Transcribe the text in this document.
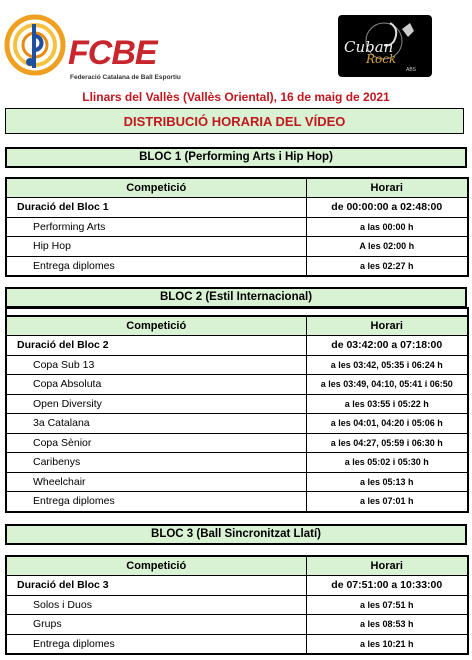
FCBE
Federació Catalana de Ball Esportiu
Cuban
Rock
ABS
Llinars del Vallès (Vallès Oriental), 16 de maig de 2021
DISTRIBUCIÓ HORARIA DEL VÍDEO
BLOC 1 (Performing Arts i Hip Hop)
Competició	Horari
Duració del Bloc 1	de 00:00:00 a 02:48:00
Performing Arts	a las 00:00 h
Hip Hop	A les 02:00 h
Entrega diplomes	a les 02:27 h
BLOC 2 (Estil Internacional)

Competició	Horari
Duració del Bloc 2	de 03:42:00 a 07:18:00
Copa Sub 13	a les 03:42, 05:35 i 06:24 h
Copa Absoluta	a les 03:49, 04:10, 05:41 i 06:50
Open Diversity	a les 03:55 i 05:22 h
3a Catalana	a les 04:01, 04:20 i 05:06 h
Copa Sènior	a les 04:27, 05:59 i 06:30 h
Caribenys	a les 05:02 i 05:30 h
Wheelchair	a les 05:13 h
Entrega diplomes	a les 07:01 h
BLOC 3 (Ball Sincronitzat Llatí)
Competició	Horari
Duració del Bloc 3	de 07:51:00 a 10:33:00
Solos i Duos	a les 07:51 h
Grups	a les 08:53 h
Entrega diplomes	a les 10:21 h
